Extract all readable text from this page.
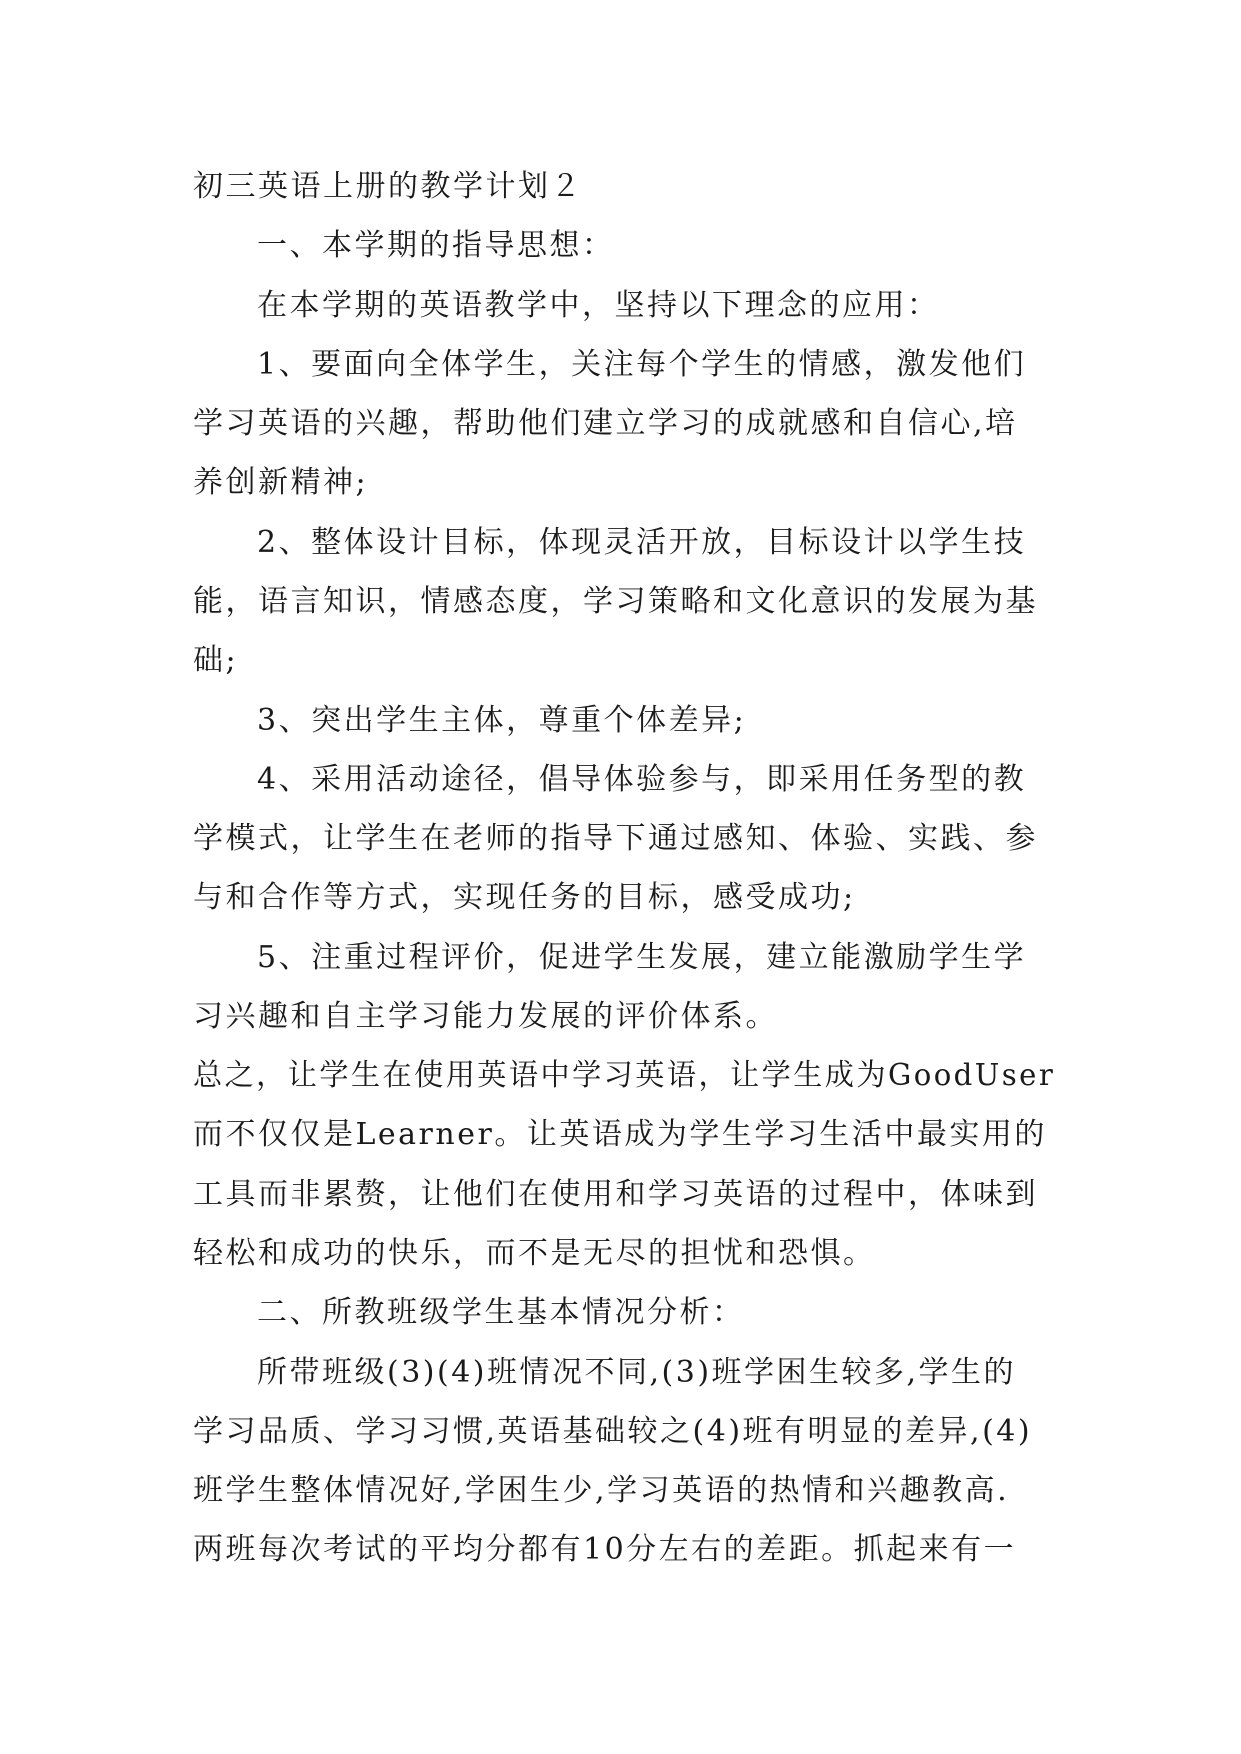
初三英语上册的教学计划２
一、本学期的指导思想：
在本学期的英语教学中，坚持以下理念的应用：
1、要面向全体学生，关注每个学生的情感，激发他们
学习英语的兴趣，帮助他们建立学习的成就感和自信心,培
养创新精神;
2、整体设计目标，体现灵活开放，目标设计以学生技
能，语言知识，情感态度，学习策略和文化意识的发展为基
础;
3、突出学生主体，尊重个体差异;
4、采用活动途径，倡导体验参与，即采用任务型的教
学模式，让学生在老师的指导下通过感知、体验、实践、参
与和合作等方式，实现任务的目标，感受成功;
5、注重过程评价，促进学生发展，建立能激励学生学
习兴趣和自主学习能力发展的评价体系。
总之，让学生在使用英语中学习英语，让学生成为GoodUser
而不仅仅是Learner。让英语成为学生学习生活中最实用的
工具而非累赘，让他们在使用和学习英语的过程中，体味到
轻松和成功的快乐，而不是无尽的担忧和恐惧。
二、所教班级学生基本情况分析：
所带班级(3)(4)班情况不同,(3)班学困生较多,学生的
学习品质、学习习惯,英语基础较之(4)班有明显的差异,(4)
班学生整体情况好,学困生少,学习英语的热情和兴趣教高.
两班每次考试的平均分都有10分左右的差距。抓起来有一
